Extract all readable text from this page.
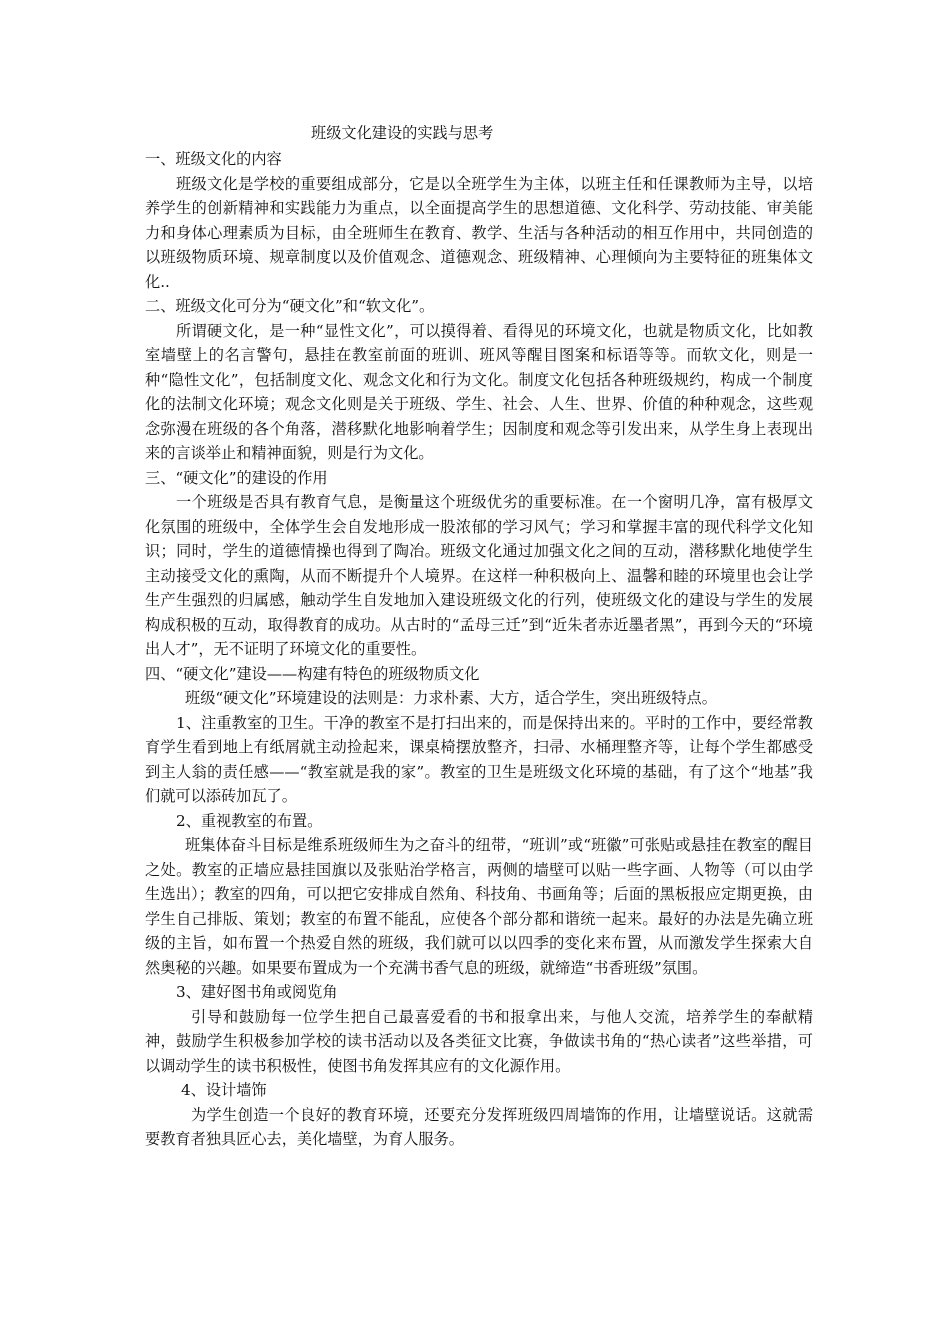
班级文化建设的实践与思考

一、班级文化的内容

班级文化是学校的重要组成部分，它是以全班学生为主体，以班主任和任课教师为主导，以培养学生的创新精神和实践能力为重点，以全面提高学生的思想道德、文化科学、劳动技能、审美能力和身体心理素质为目标，由全班师生在教育、教学、生活与各种活动的相互作用中，共同创造的以班级物质环境、规章制度以及价值观念、道德观念、班级精神、心理倾向为主要特征的班集体文化..

二、班级文化可分为“硬文化”和“软文化”。

所谓硬文化，是一种“显性文化”，可以摸得着、看得见的环境文化，也就是物质文化，比如教室墙壁上的名言警句，悬挂在教室前面的班训、班风等醒目图案和标语等等。而软文化，则是一种“隐性文化”，包括制度文化、观念文化和行为文化。制度文化包括各种班级规约，构成一个制度化的法制文化环境；观念文化则是关于班级、学生、社会、人生、世界、价值的种种观念，这些观念弥漫在班级的各个角落，潜移默化地影响着学生；因制度和观念等引发出来，从学生身上表现出来的言谈举止和精神面貌，则是行为文化。

三、“硬文化”的建设的作用

一个班级是否具有教育气息，是衡量这个班级优劣的重要标准。在一个窗明几净，富有极厚文化氛围的班级中，全体学生会自发地形成一股浓郁的学习风气；学习和掌握丰富的现代科学文化知识；同时，学生的道德情操也得到了陶冶。班级文化通过加强文化之间的互动，潜移默化地使学生主动接受文化的熏陶，从而不断提升个人境界。在这样一种积极向上、温馨和睦的环境里也会让学生产生强烈的归属感，触动学生自发地加入建设班级文化的行列，使班级文化的建设与学生的发展构成积极的互动，取得教育的成功。从古时的“孟母三迁”到“近朱者赤近墨者黑”，再到今天的“环境出人才”，无不证明了环境文化的重要性。

四、“硬文化”建设——构建有特色的班级物质文化

班级“硬文化”环境建设的法则是：力求朴素、大方，适合学生，突出班级特点。

1、注重教室的卫生。干净的教室不是打扫出来的，而是保持出来的。平时的工作中，要经常教育学生看到地上有纸屑就主动捡起来，课桌椅摆放整齐，扫帚、水桶理整齐等，让每个学生都感受到主人翁的责任感——“教室就是我的家”。教室的卫生是班级文化环境的基础，有了这个“地基”我们就可以添砖加瓦了。

2、重视教室的布置。

班集体奋斗目标是维系班级师生为之奋斗的纽带，“班训”或“班徽”可张贴或悬挂在教室的醒目之处。教室的正墙应悬挂国旗以及张贴治学格言，两侧的墙壁可以贴一些字画、人物等（可以由学生选出）；教室的四角，可以把它安排成自然角、科技角、书画角等；后面的黑板报应定期更换，由学生自己排版、策划；教室的布置不能乱，应使各个部分都和谐统一起来。最好的办法是先确立班级的主旨，如布置一个热爱自然的班级，我们就可以以四季的变化来布置，从而激发学生探索大自然奥秘的兴趣。如果要布置成为一个充满书香气息的班级，就缔造“书香班级”氛围。

3、建好图书角或阅览角

引导和鼓励每一位学生把自己最喜爱看的书和报拿出来，与他人交流，培养学生的奉献精神，鼓励学生积极参加学校的读书活动以及各类征文比赛，争做读书角的“热心读者”这些举措，可以调动学生的读书积极性，使图书角发挥其应有的文化源作用。

4、设计墙饰

为学生创造一个良好的教育环境，还要充分发挥班级四周墙饰的作用，让墙壁说话。这就需要教育者独具匠心去，美化墙壁，为育人服务。
